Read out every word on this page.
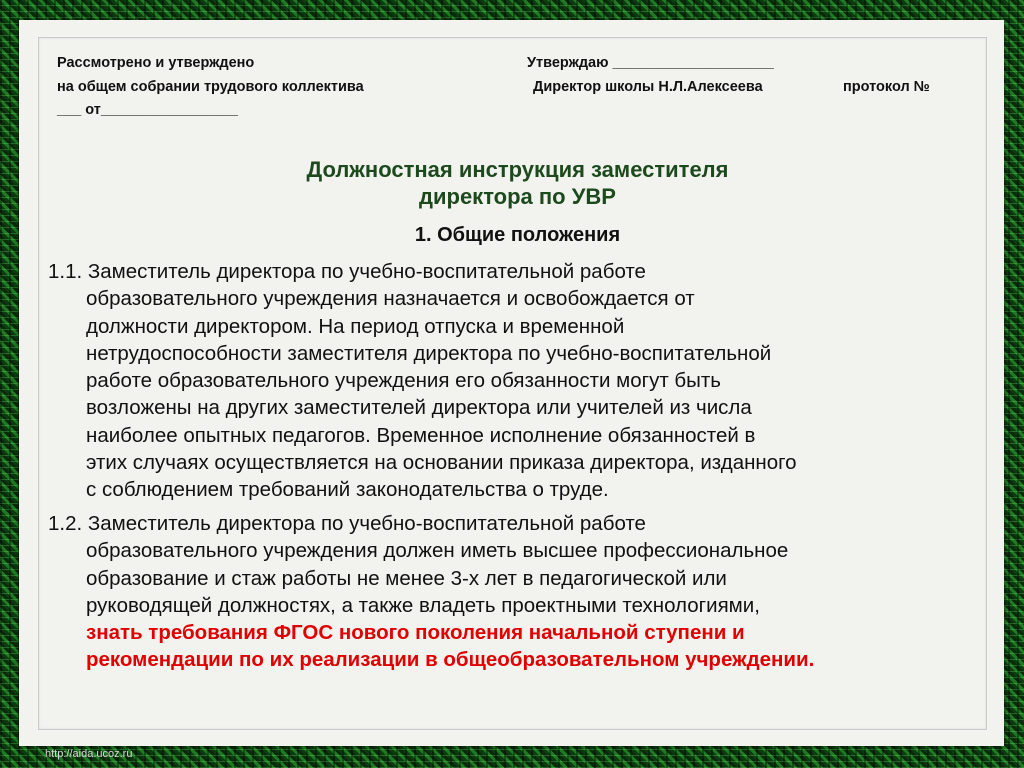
Рассмотрено и утверждено
на общем собрании трудового коллектива
___ от_________________
Утверждаю ____________________
Директор школы Н.Л.Алексеева	протокол №
Должностная инструкция заместителя
директора по УВР
1. Общие положения
1.1. Заместитель директора по учебно-воспитательной работе
образовательного учреждения назначается и освобождается от
должности директором. На период отпуска и временной
нетрудоспособности заместителя директора по учебно-воспитательной
работе образовательного учреждения его обязанности могут быть
возложены на других заместителей директора или учителей из числа
наиболее опытных педагогов. Временное исполнение обязанностей в
этих случаях осуществляется на основании приказа директора, изданного
с соблюдением требований законодательства о труде.
1.2. Заместитель директора по учебно-воспитательной работе
образовательного учреждения должен иметь высшее профессиональное
образование и стаж работы не менее 3-х лет в педагогической или
руководящей должностях, а также владеть проектными технологиями,
знать требования ФГОС нового поколения начальной ступени и
рекомендации по их реализации в общеобразовательном учреждении.
http://aida.ucoz.ru
